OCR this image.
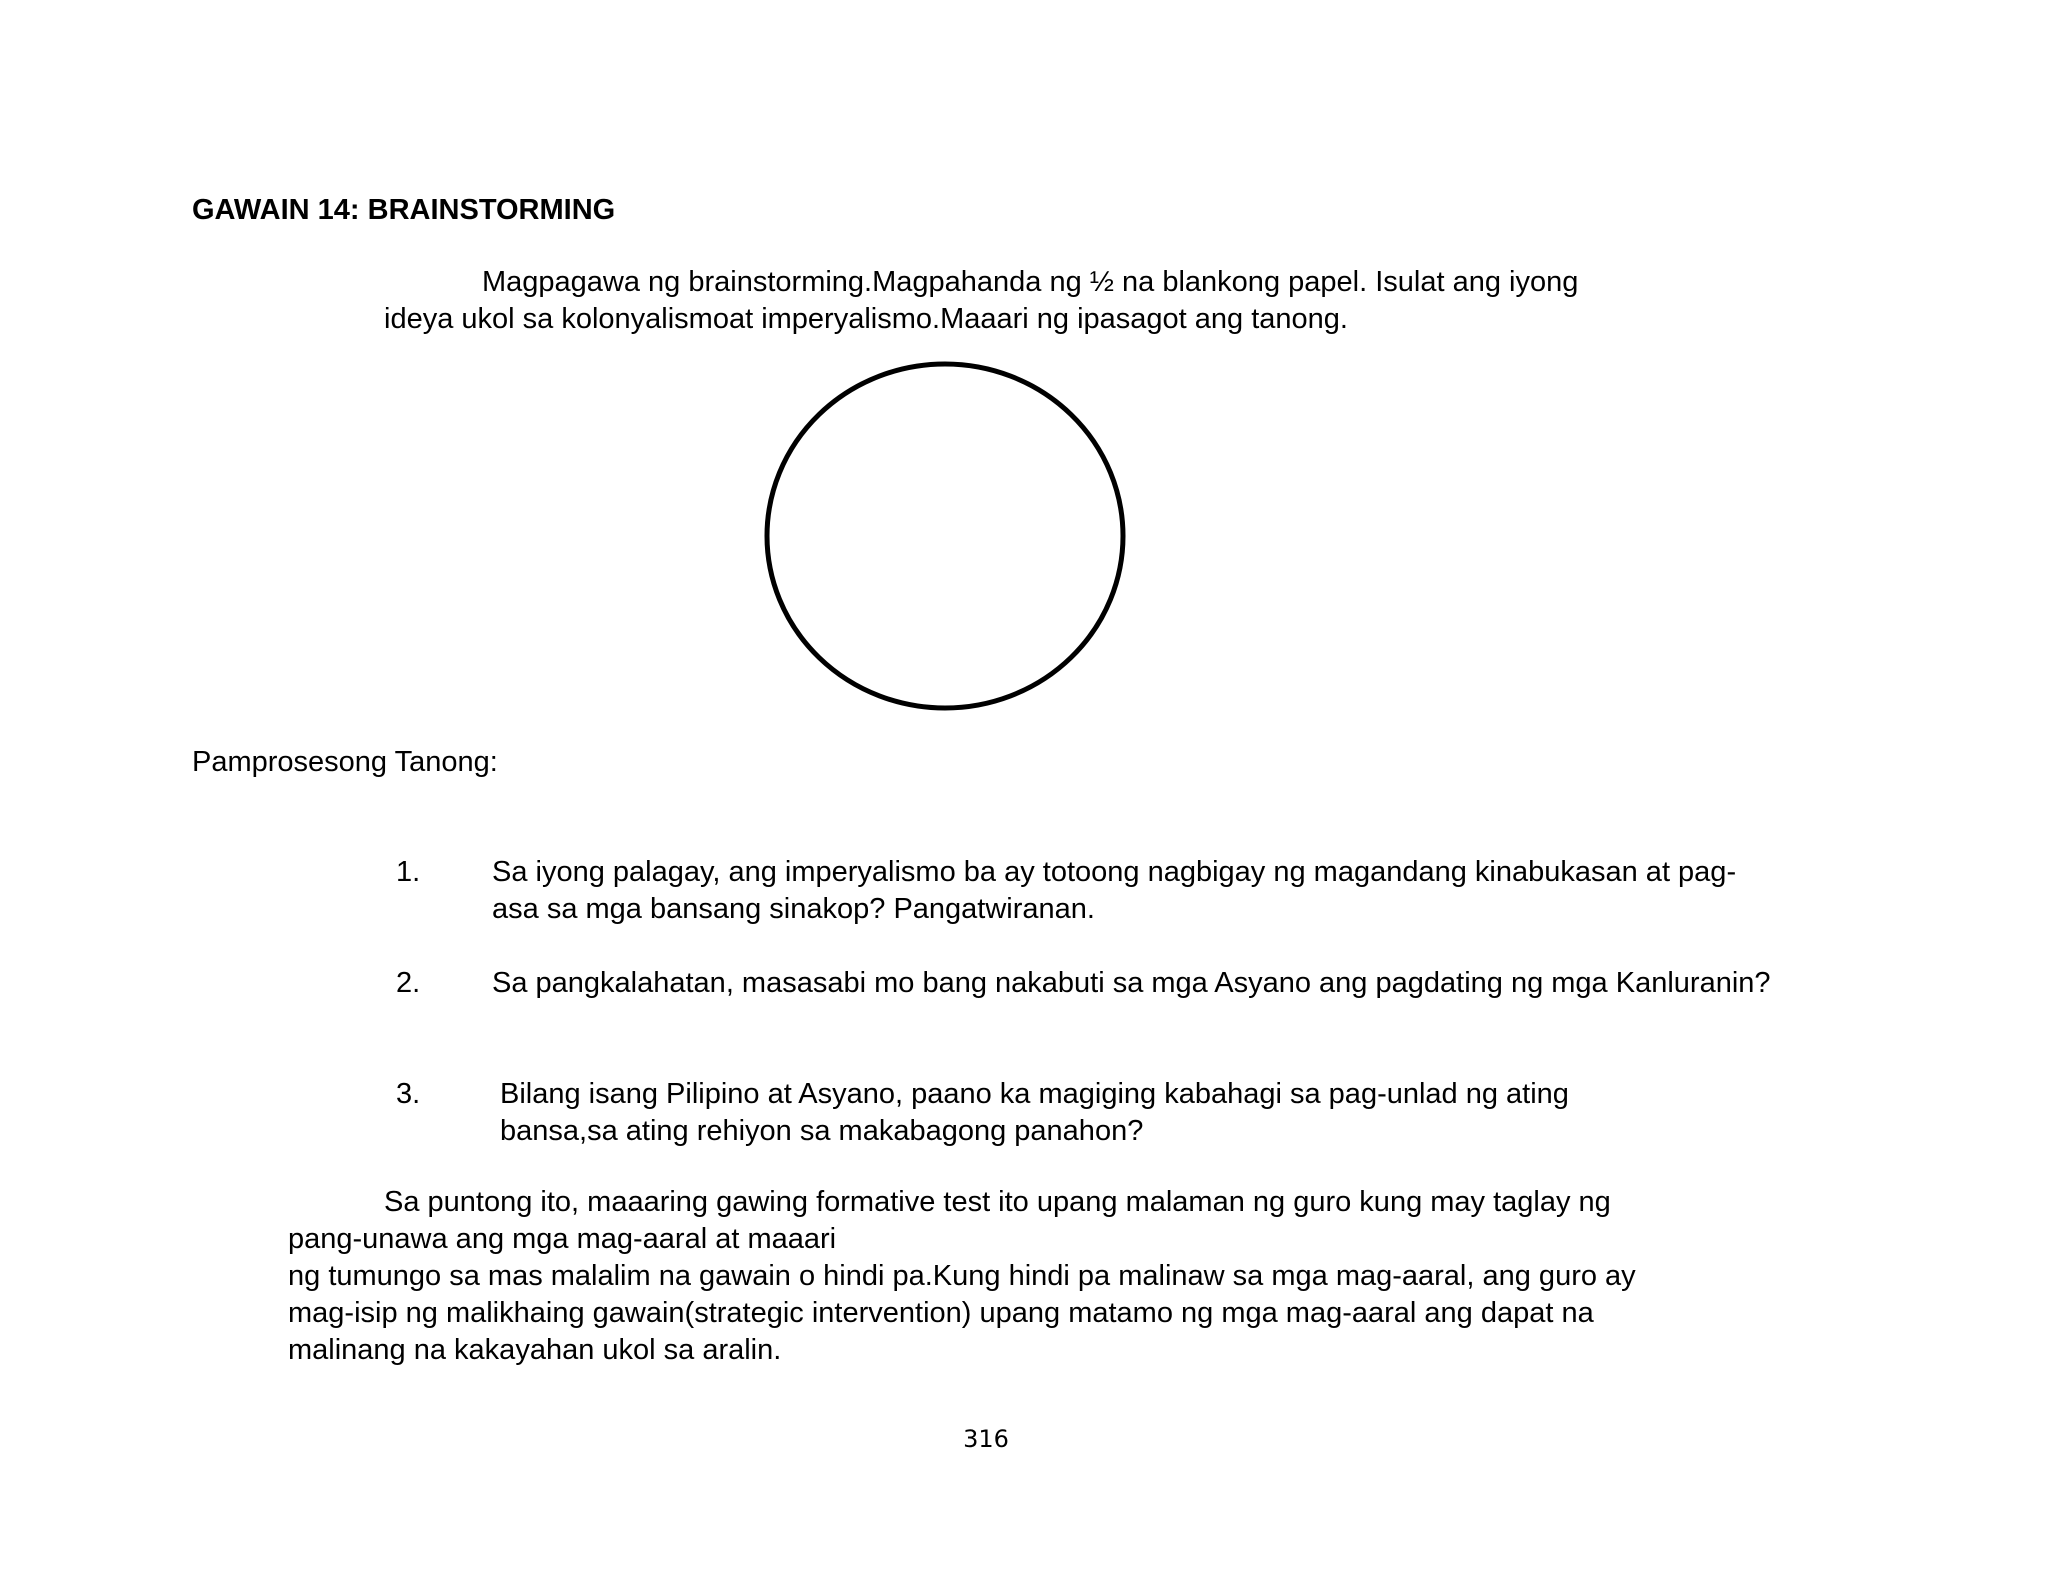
GAWAIN 14: BRAINSTORMING
Magpagawa ng brainstorming.Magpahanda ng ½ na blankong papel. Isulat ang iyong
ideya ukol sa kolonyalismoat imperyalismo.Maaari ng ipasagot ang tanong.
Pamprosesong Tanong:
1.	Sa iyong palagay, ang imperyalismo ba ay totoong nagbigay ng magandang kinabukasan at pag-asa sa mga bansang sinakop? Pangatwiranan.
2.	Sa pangkalahatan, masasabi mo bang nakabuti sa mga Asyano ang pagdating ng mga Kanluranin?
3.	Bilang isang Pilipino at Asyano, paano ka magiging kabahagi sa pag-unlad ng ating bansa,sa ating rehiyon sa makabagong panahon?
Sa puntong ito, maaaring gawing formative test ito upang malaman ng guro kung may taglay ng
pang-unawa ang mga mag-aaral at maaari
ng tumungo sa mas malalim na gawain o hindi pa.Kung hindi pa malinaw sa mga mag-aaral, ang guro ay
mag-isip ng malikhaing gawain(strategic intervention) upang matamo ng mga mag-aaral ang dapat na
malinang na kakayahan ukol sa aralin.
316
